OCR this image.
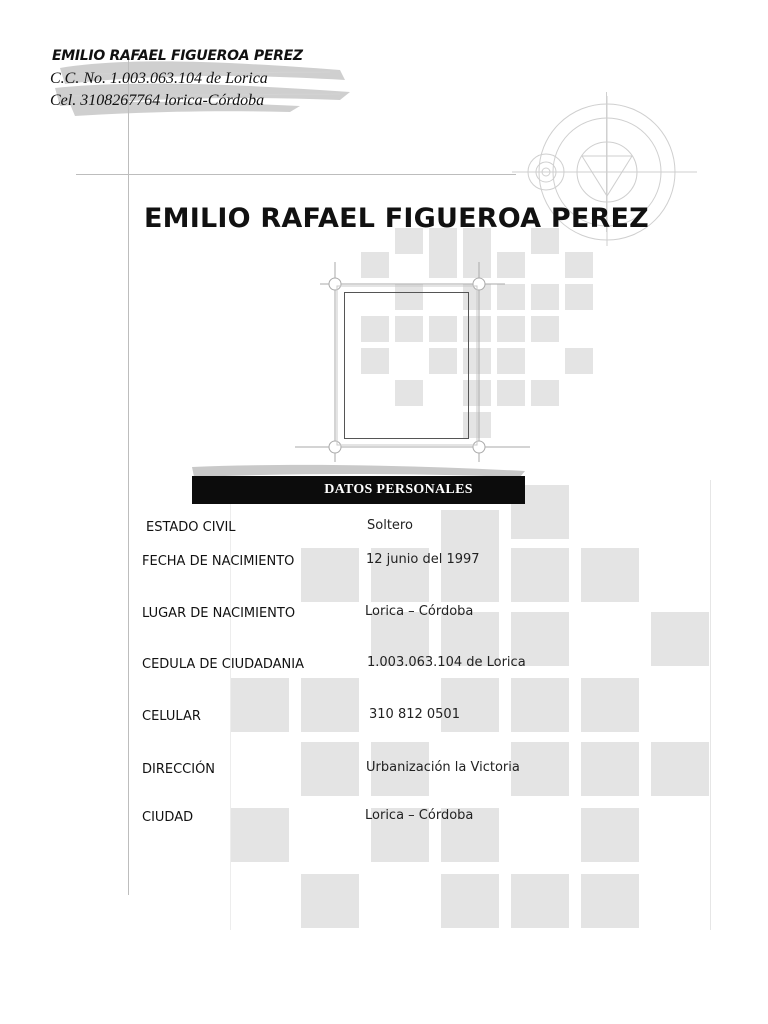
EMILIO RAFAEL FIGUEROA PEREZ
C.C. No. 1.003.063.104 de Lorica
Cel. 3108267764 lorica-Córdoba
EMILIO RAFAEL FIGUEROA PEREZ
DATOS PERSONALES
ESTADO CIVIL	Soltero
FECHA DE NACIMIENTO	12 junio del 1997
LUGAR DE NACIMIENTO	Lorica – Córdoba
CEDULA DE CIUDADANIA	1.003.063.104 de Lorica
CELULAR	310 812 0501
DIRECCIÓN	Urbanización la Victoria
CIUDAD	Lorica – Córdoba
